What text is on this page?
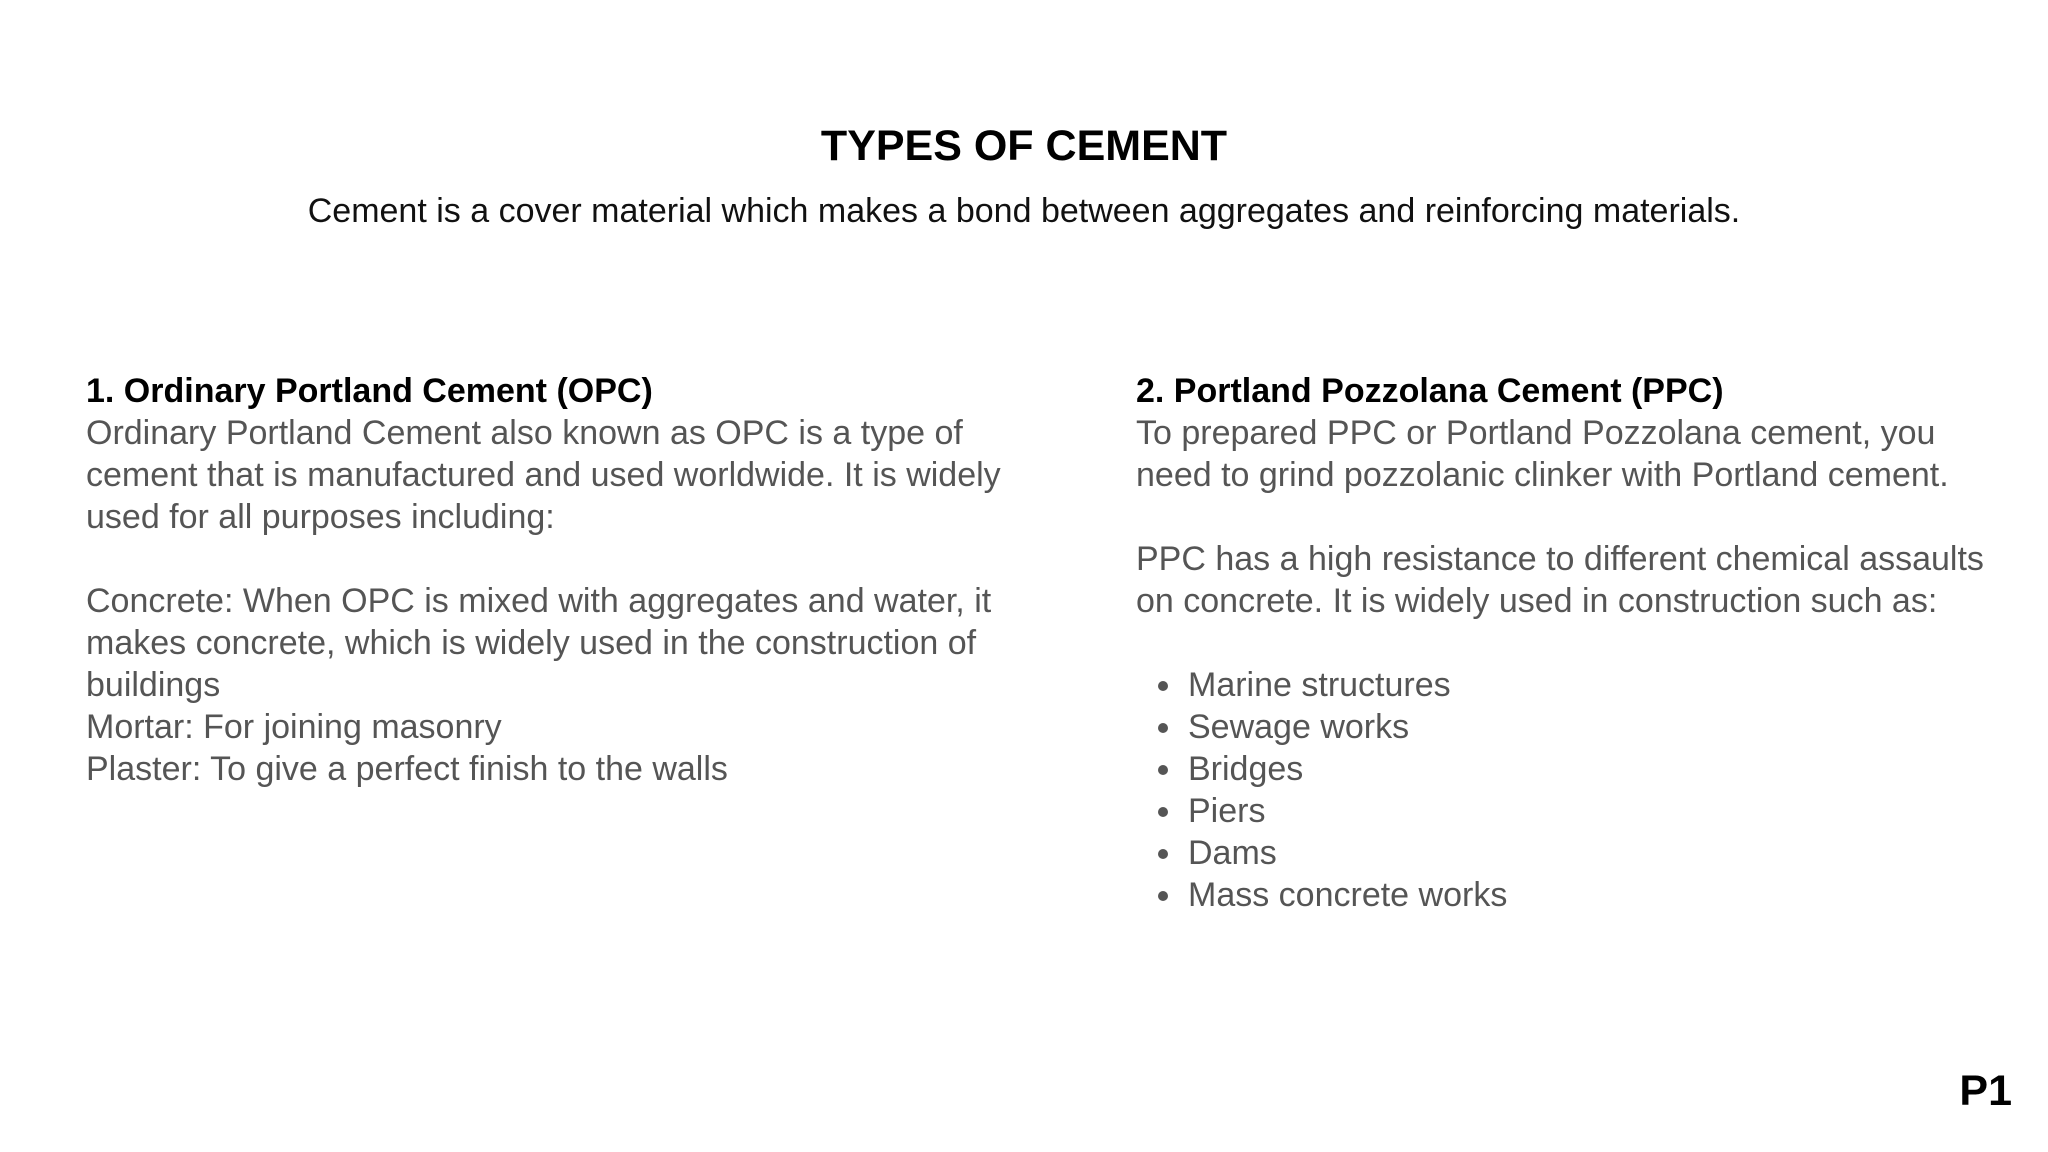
TYPES OF CEMENT

Cement is a cover material which makes a bond between aggregates and reinforcing materials.

1. Ordinary Portland Cement (OPC)

Ordinary Portland Cement also known as OPC is a type of cement that is manufactured and used worldwide. It is widely used for all purposes including:

Concrete: When OPC is mixed with aggregates and water, it makes concrete, which is widely used in the construction of buildings

Mortar: For joining masonry

Plaster: To give a perfect finish to the walls

2. Portland Pozzolana Cement (PPC)

To prepared PPC or Portland Pozzolana cement, you need to grind pozzolanic clinker with Portland cement.

PPC has a high resistance to different chemical assaults on concrete. It is widely used in construction such as:

Marine structures
Sewage works
Bridges
Piers
Dams
Mass concrete works
P1
